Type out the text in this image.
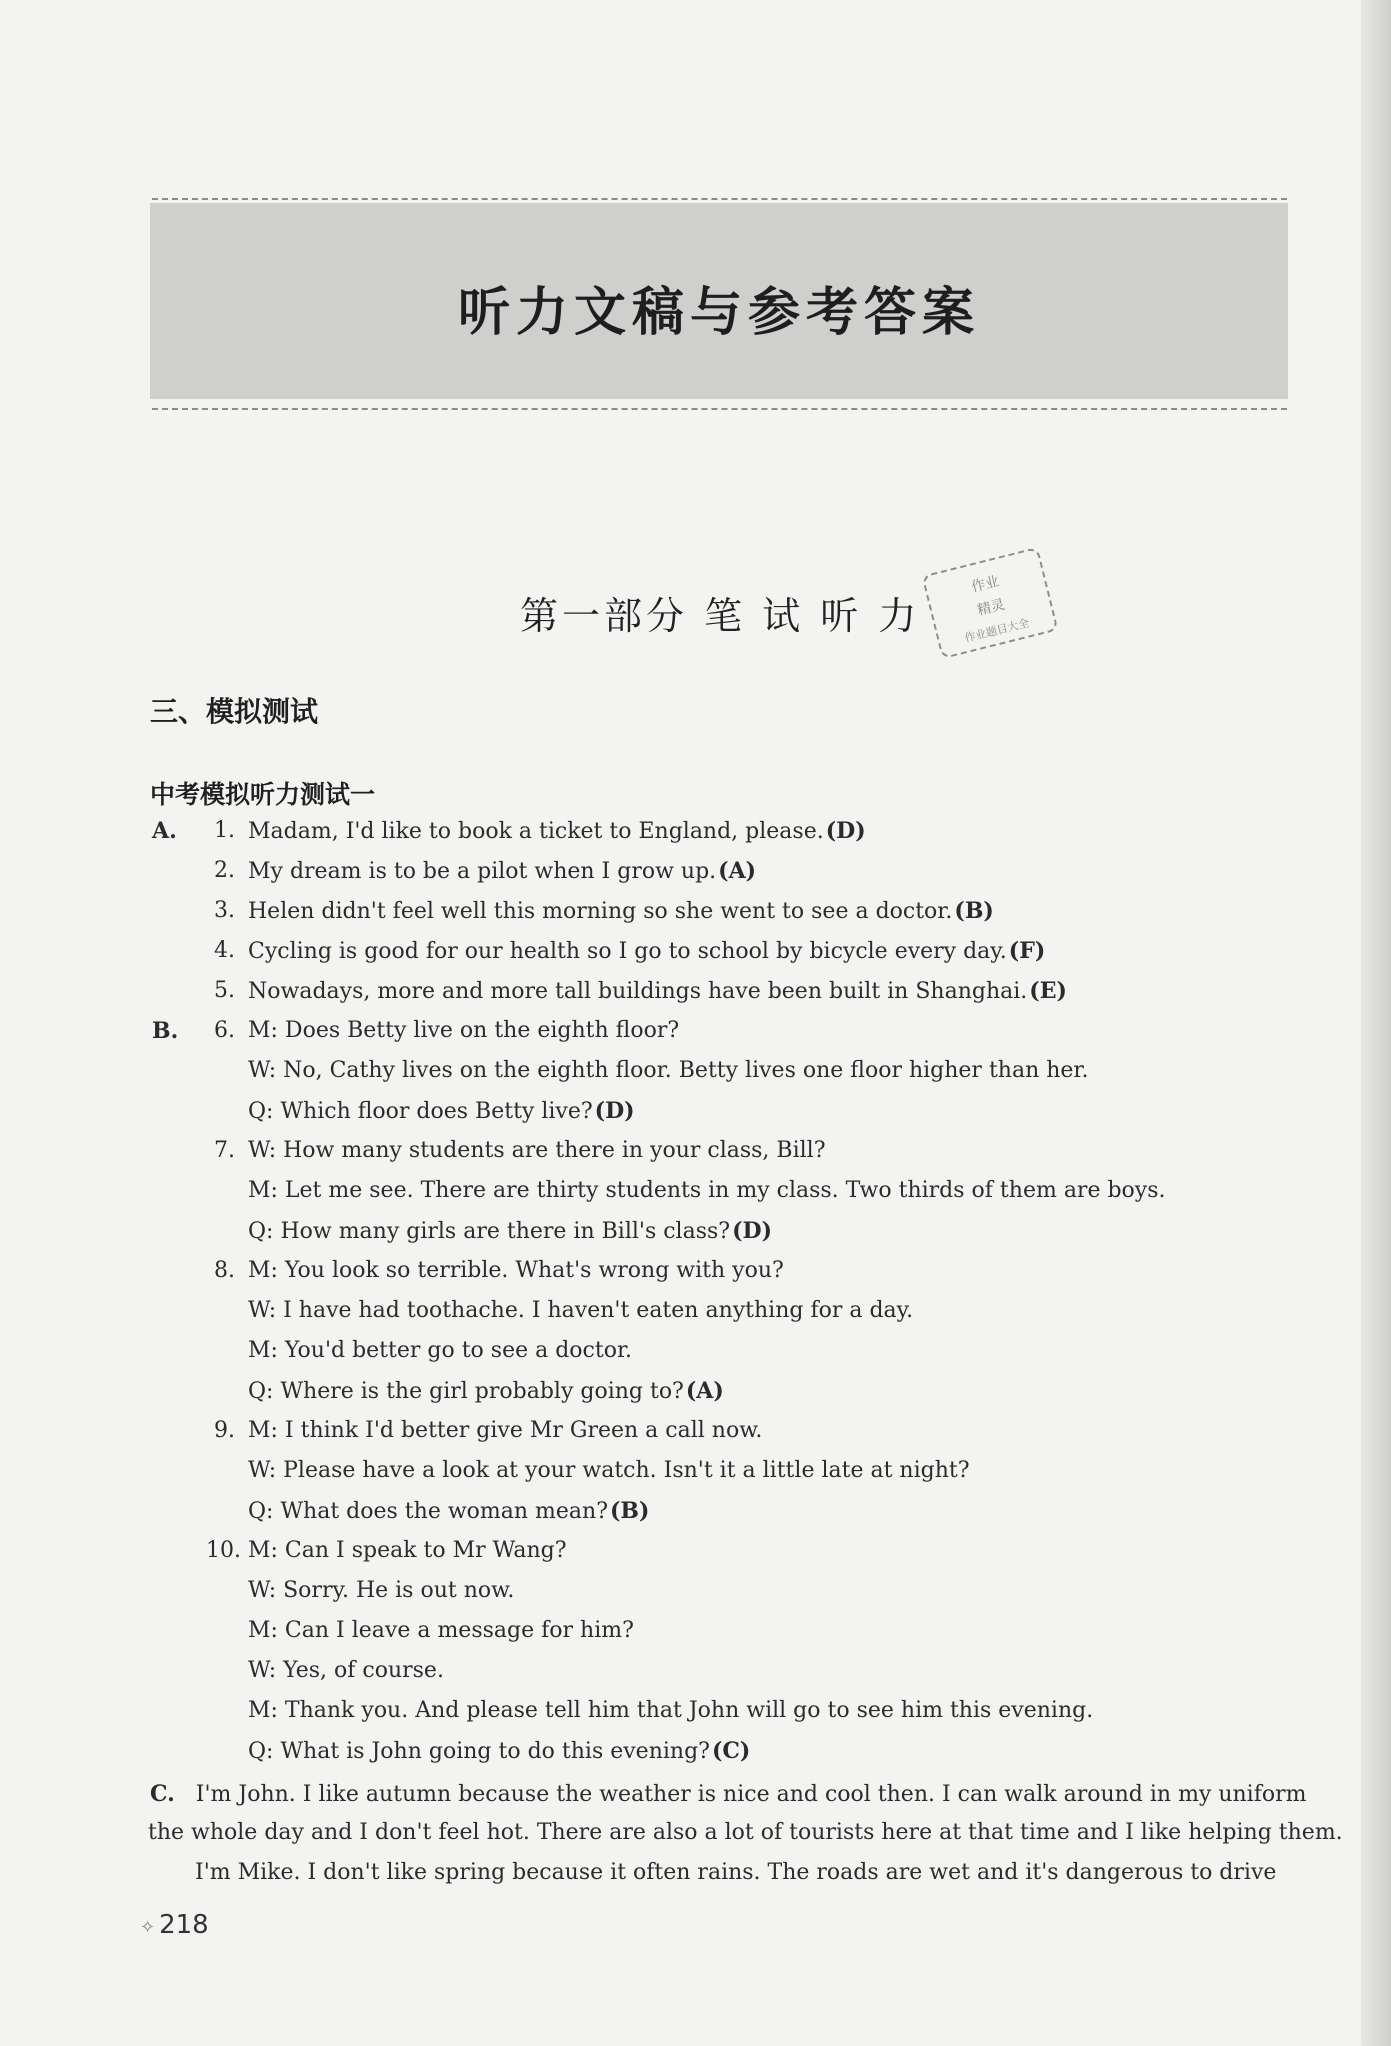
听力文稿与参考答案
第一部分 笔 试 听 力
作业
精灵
作业题目大全
三、模拟测试
中考模拟听力测试一
A. 1. Madam, I'd like to book a ticket to England, please.(D)
2. My dream is to be a pilot when I grow up.(A)
3. Helen didn't feel well this morning so she went to see a doctor.(B)
4. Cycling is good for our health so I go to school by bicycle every day.(F)
5. Nowadays, more and more tall buildings have been built in Shanghai.(E)
B. 6. M: Does Betty live on the eighth floor?
W: No, Cathy lives on the eighth floor. Betty lives one floor higher than her.
Q: Which floor does Betty live?(D)
7. W: How many students are there in your class, Bill?
M: Let me see. There are thirty students in my class. Two thirds of them are boys.
Q: How many girls are there in Bill's class?(D)
8. M: You look so terrible. What's wrong with you?
W: I have had toothache. I haven't eaten anything for a day.
M: You'd better go to see a doctor.
Q: Where is the girl probably going to?(A)
9. M: I think I'd better give Mr Green a call now.
W: Please have a look at your watch. Isn't it a little late at night?
Q: What does the woman mean?(B)
10. M: Can I speak to Mr Wang?
W: Sorry. He is out now.
M: Can I leave a message for him?
W: Yes, of course.
M: Thank you. And please tell him that John will go to see him this evening.
Q: What is John going to do this evening?(C)
C. I'm John. I like autumn because the weather is nice and cool then. I can walk around in my uniform
the whole day and I don't feel hot. There are also a lot of tourists here at that time and I like helping them.
I'm Mike. I don't like spring because it often rains. The roads are wet and it's dangerous to drive
✧ 218
